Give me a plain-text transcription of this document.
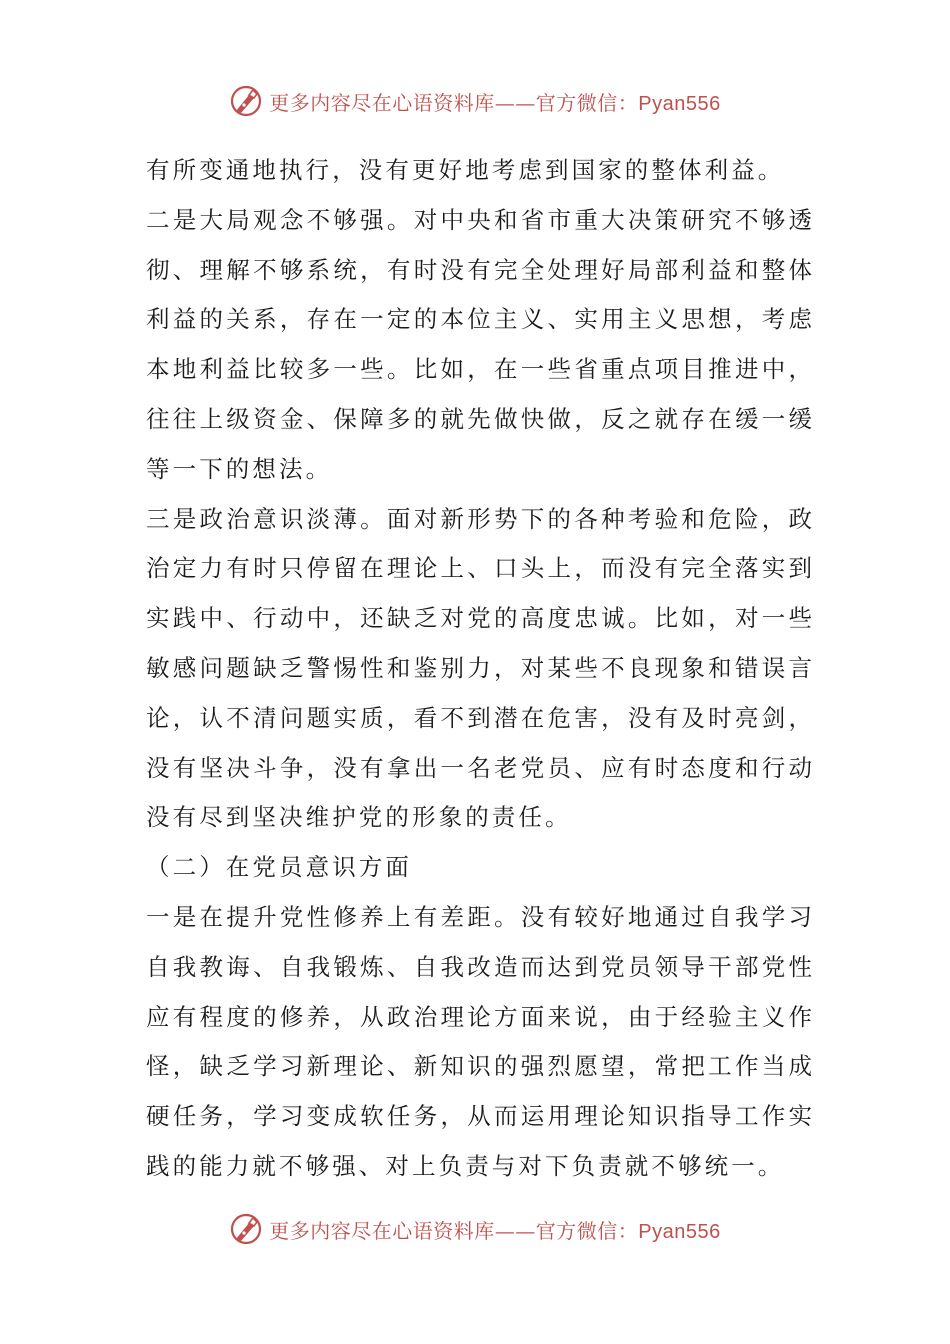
更多内容尽在心语资料库——官方微信：Pyan556
有所变通地执行，没有更好地考虑到国家的整体利益。
二是大局观念不够强。对中央和省市重大决策研究不够透
彻、理解不够系统，有时没有完全处理好局部利益和整体
利益的关系，存在一定的本位主义、实用主义思想，考虑
本地利益比较多一些。比如，在一些省重点项目推进中，
往往上级资金、保障多的就先做快做，反之就存在缓一缓
等一下的想法。
三是政治意识淡薄。面对新形势下的各种考验和危险，政
治定力有时只停留在理论上、口头上，而没有完全落实到
实践中、行动中，还缺乏对党的高度忠诚。比如，对一些
敏感问题缺乏警惕性和鉴别力，对某些不良现象和错误言
论，认不清问题实质，看不到潜在危害，没有及时亮剑，
没有坚决斗争，没有拿出一名老党员、应有时态度和行动
没有尽到坚决维护党的形象的责任。
（二）在党员意识方面
一是在提升党性修养上有差距。没有较好地通过自我学习
自我教诲、自我锻炼、自我改造而达到党员领导干部党性
应有程度的修养，从政治理论方面来说，由于经验主义作
怪，缺乏学习新理论、新知识的强烈愿望，常把工作当成
硬任务，学习变成软任务，从而运用理论知识指导工作实
践的能力就不够强、对上负责与对下负责就不够统一。
更多内容尽在心语资料库——官方微信：Pyan556
